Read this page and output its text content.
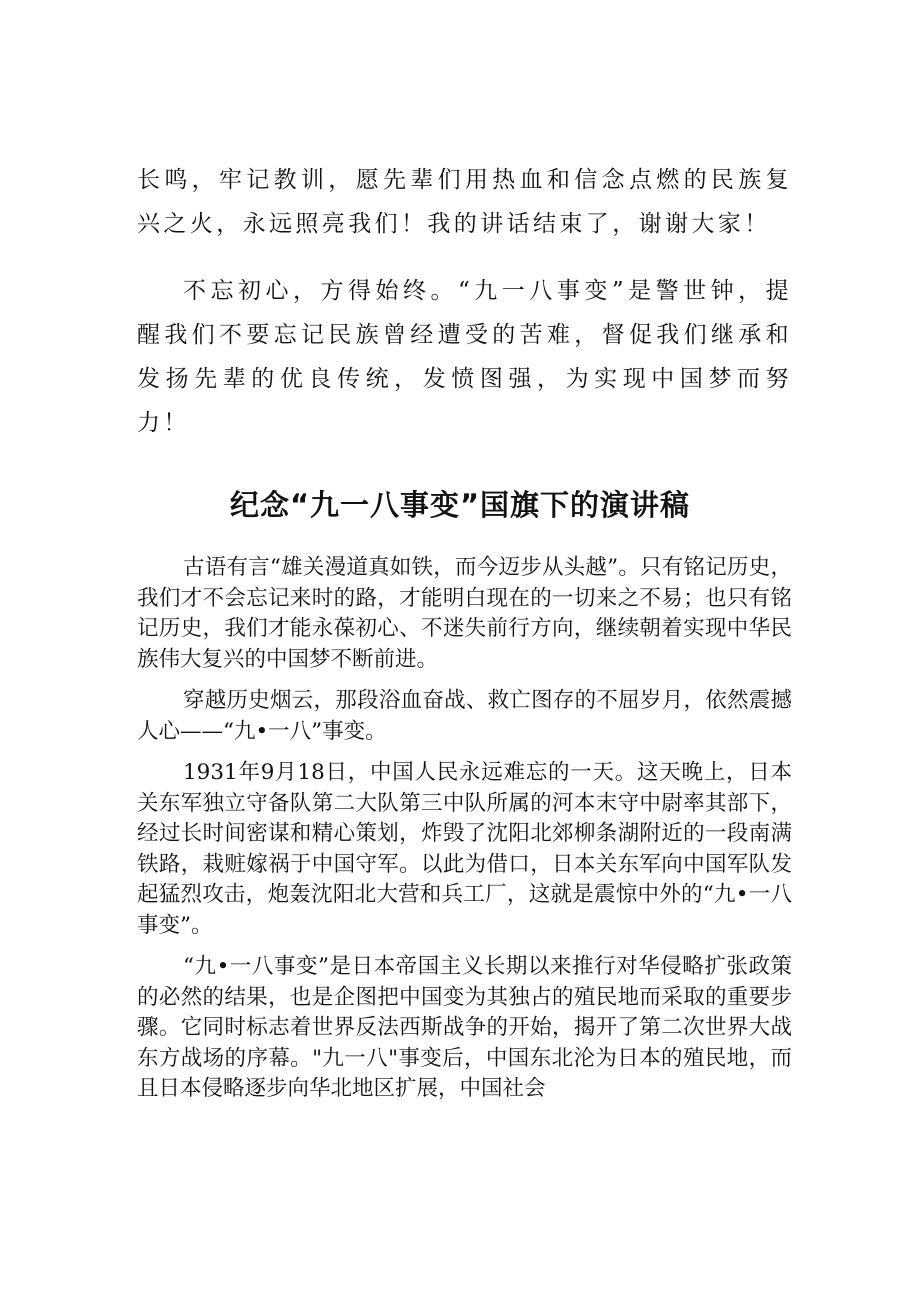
长鸣，牢记教训，愿先辈们用热血和信念点燃的民族复兴之火，永远照亮我们！我的讲话结束了，谢谢大家！

不忘初心，方得始终。“九一八事变”是警世钟，提醒我们不要忘记民族曾经遭受的苦难，督促我们继承和发扬先辈的优良传统，发愤图强，为实现中国梦而努力！

纪念“九一八事变”国旗下的演讲稿

古语有言“雄关漫道真如铁，而今迈步从头越”。只有铭记历史，我们才不会忘记来时的路，才能明白现在的一切来之不易；也只有铭记历史，我们才能永葆初心、不迷失前行方向，继续朝着实现中华民族伟大复兴的中国梦不断前进。

穿越历史烟云，那段浴血奋战、救亡图存的不屈岁月，依然震撼人心——“九•一八”事变。

1931年9月18日，中国人民永远难忘的一天。这天晚上，日本关东军独立守备队第二大队第三中队所属的河本末守中尉率其部下，经过长时间密谋和精心策划，炸毁了沈阳北郊柳条湖附近的一段南满铁路，栽赃嫁祸于中国守军。以此为借口，日本关东军向中国军队发起猛烈攻击，炮轰沈阳北大营和兵工厂，这就是震惊中外的“九•一八事变”。

“九•一八事变”是日本帝国主义长期以来推行对华侵略扩张政策的必然的结果，也是企图把中国变为其独占的殖民地而采取的重要步骤。它同时标志着世界反法西斯战争的开始，揭开了第二次世界大战东方战场的序幕。"九一八"事变后，中国东北沦为日本的殖民地，而且日本侵略逐步向华北地区扩展，中国社会
